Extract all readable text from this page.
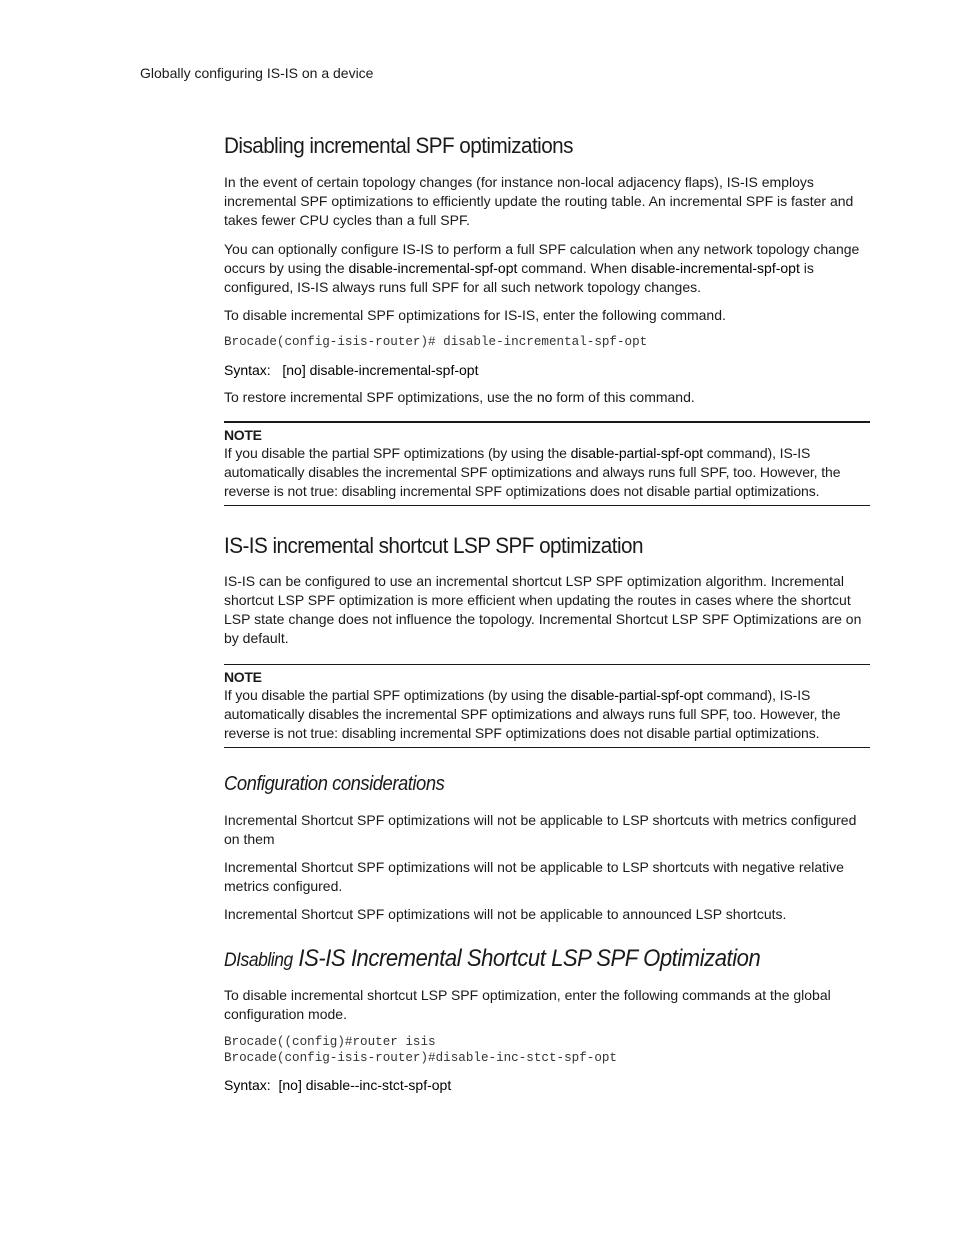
Globally configuring IS-IS on a device
Disabling incremental SPF optimizations

In the event of certain topology changes (for instance non-local adjacency flaps), IS-IS employs incremental SPF optimizations to efficiently update the routing table. An incremental SPF is faster and takes fewer CPU cycles than a full SPF.

You can optionally configure IS-IS to perform a full SPF calculation when any network topology change occurs by using the disable-incremental-spf-opt command. When disable-incremental-spf-opt is configured, IS-IS always runs full SPF for all such network topology changes.

To disable incremental SPF optimizations for IS-IS, enter the following command.

Brocade(config-isis-router)# disable-incremental-spf-opt

Syntax: [no] disable-incremental-spf-opt

To restore incremental SPF optimizations, use the no form of this command.

NOTE

If you disable the partial SPF optimizations (by using the disable-partial-spf-opt command), IS-IS automatically disables the incremental SPF optimizations and always runs full SPF, too. However, the reverse is not true: disabling incremental SPF optimizations does not disable partial optimizations.

IS-IS incremental shortcut LSP SPF optimization

IS-IS can be configured to use an incremental shortcut LSP SPF optimization algorithm. Incremental shortcut LSP SPF optimization is more efficient when updating the routes in cases where the shortcut LSP state change does not influence the topology. Incremental Shortcut LSP SPF Optimizations are on by default.

NOTE

If you disable the partial SPF optimizations (by using the disable-partial-spf-opt command), IS-IS automatically disables the incremental SPF optimizations and always runs full SPF, too. However, the reverse is not true: disabling incremental SPF optimizations does not disable partial optimizations.

Configuration considerations

Incremental Shortcut SPF optimizations will not be applicable to LSP shortcuts with metrics configured on them

Incremental Shortcut SPF optimizations will not be applicable to LSP shortcuts with negative relative metrics configured.

Incremental Shortcut SPF optimizations will not be applicable to announced LSP shortcuts.

DIsabling IS-IS Incremental Shortcut LSP SPF Optimization

To disable incremental shortcut LSP SPF optimization, enter the following commands at the global configuration mode.

Brocade((config)#router isis
Brocade(config-isis-router)#disable-inc-stct-spf-opt

Syntax: [no] disable--inc-stct-spf-opt
